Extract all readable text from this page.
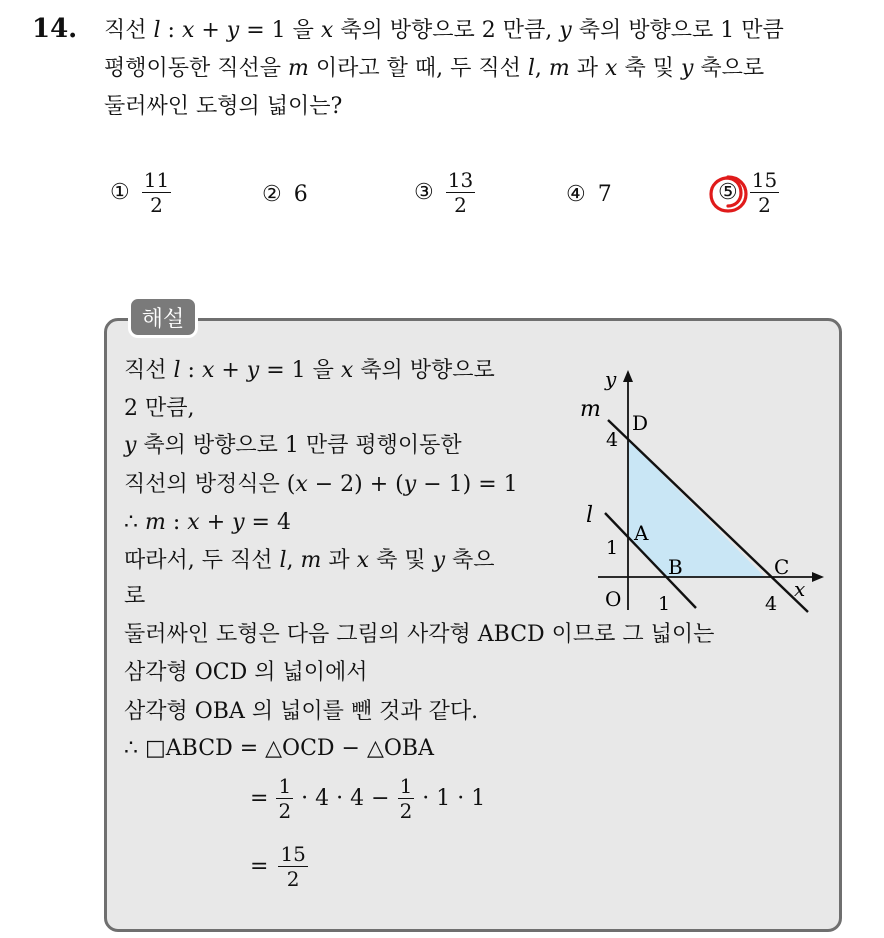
14. 직선 l : x + y = 1 을 x 축의 방향으로 2 만큼, y 축의 방향으로 1 만큼
평행이동한 직선을 m 이라고 할 때, 두 직선 l, m 과 x 축 및 y 축으로
둘러싸인 도형의 넓이는?
① $\frac{11}{2}$	② 6	③ $\frac{13}{2}$	④ 7	⑤ $\frac{15}{2}$
해설
직선 l : x + y = 1 을 x 축의 방향으로
2 만큼,
y 축의 방향으로 1 만큼 평행이동한
직선의 방정식은 (x − 2) + (y − 1) = 1
∴ m : x + y = 4
따라서, 두 직선 l, m 과 x 축 및 y 축으
로
둘러싸인 도형은 다음 그림의 사각형 ABCD 이므로 그 넓이는
삼각형 OCD 의 넓이에서
삼각형 OBA 의 넓이를 뺀 것과 같다.
∴ □ABCD = △OCD − △OBA
= $\frac{1}{2} \cdot 4 \cdot 4 - \frac{1}{2} \cdot 1 \cdot 1$
= $\frac{15}{2}$
y
x
O
m
l
D
A
B	C
4
1
1	4
